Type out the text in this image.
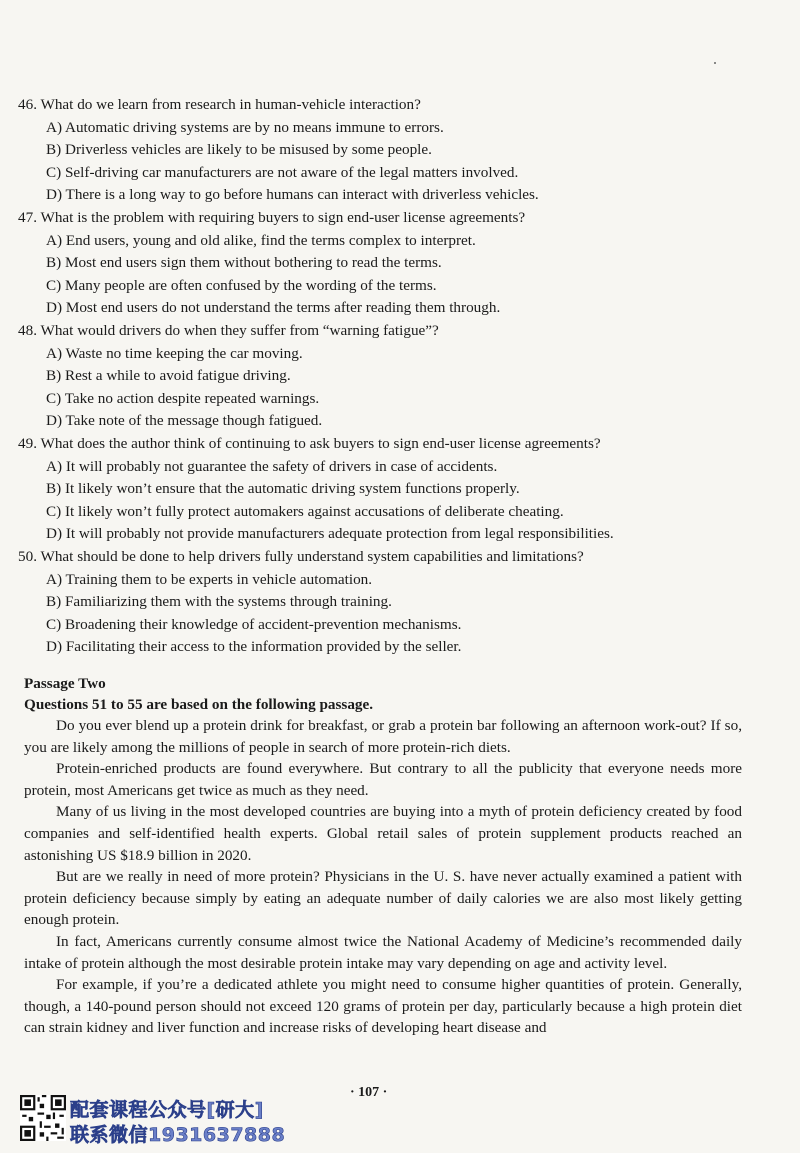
46. What do we learn from research in human-vehicle interaction?
A) Automatic driving systems are by no means immune to errors.
B) Driverless vehicles are likely to be misused by some people.
C) Self-driving car manufacturers are not aware of the legal matters involved.
D) There is a long way to go before humans can interact with driverless vehicles.
47. What is the problem with requiring buyers to sign end-user license agreements?
A) End users, young and old alike, find the terms complex to interpret.
B) Most end users sign them without bothering to read the terms.
C) Many people are often confused by the wording of the terms.
D) Most end users do not understand the terms after reading them through.
48. What would drivers do when they suffer from “warning fatigue”?
A) Waste no time keeping the car moving.
B) Rest a while to avoid fatigue driving.
C) Take no action despite repeated warnings.
D) Take note of the message though fatigued.
49. What does the author think of continuing to ask buyers to sign end-user license agreements?
A) It will probably not guarantee the safety of drivers in case of accidents.
B) It likely won’t ensure that the automatic driving system functions properly.
C) It likely won’t fully protect automakers against accusations of deliberate cheating.
D) It will probably not provide manufacturers adequate protection from legal responsibilities.
50. What should be done to help drivers fully understand system capabilities and limitations?
A) Training them to be experts in vehicle automation.
B) Familiarizing them with the systems through training.
C) Broadening their knowledge of accident-prevention mechanisms.
D) Facilitating their access to the information provided by the seller.
Passage Two
Questions 51 to 55 are based on the following passage.

Do you ever blend up a protein drink for breakfast, or grab a protein bar following an afternoon work-out? If so, you are likely among the millions of people in search of more protein-rich diets.

Protein-enriched products are found everywhere. But contrary to all the publicity that everyone needs more protein, most Americans get twice as much as they need.

Many of us living in the most developed countries are buying into a myth of protein deficiency created by food companies and self-identified health experts. Global retail sales of protein supplement products reached an astonishing US $18.9 billion in 2020.

But are we really in need of more protein? Physicians in the U. S. have never actually examined a patient with protein deficiency because simply by eating an adequate number of daily calories we are also most likely getting enough protein.

In fact, Americans currently consume almost twice the National Academy of Medicine’s recommended daily intake of protein although the most desirable protein intake may vary depending on age and activity level.

For example, if you’re a dedicated athlete you might need to consume higher quantities of protein. Generally, though, a 140-pound person should not exceed 120 grams of protein per day, particularly because a high protein diet can strain kidney and liver function and increase risks of developing heart disease and

· 107 ·
配套课程公众号[研大]
联系微信1931637888
